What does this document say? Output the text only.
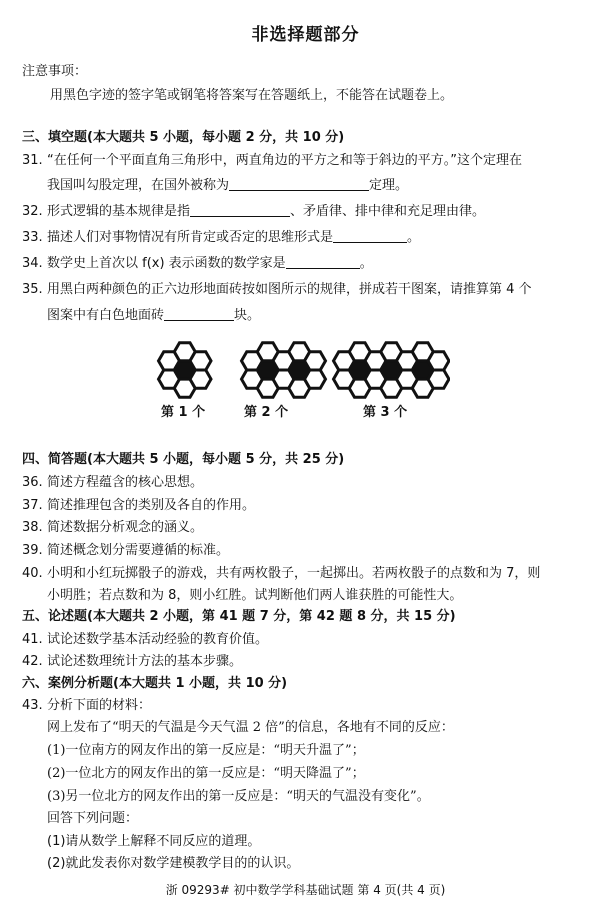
非选择题部分
注意事项：
用黑色字迹的签字笔或钢笔将答案写在答题纸上，不能答在试题卷上。
三、填空题(本大题共 5 小题，每小题 2 分，共 10 分)
31. “在任何一个平面直角三角形中，两直角边的平方之和等于斜边的平方。”这个定理在
我国叫勾股定理，在国外被称为	定理。
32. 形式逻辑的基本规律是指	、矛盾律、排中律和充足理由律。
33. 描述人们对事物情况有所肯定或否定的思维形式是	。
34. 数学史上首次以 f(x) 表示函数的数学家是	。
35. 用黑白两种颜色的正六边形地面砖按如图所示的规律，拼成若干图案，请推算第 4 个
图案中有白色地面砖	块。
第 1 个	第 2 个	第 3 个
四、简答题(本大题共 5 小题，每小题 5 分，共 25 分)
36. 简述方程蕴含的核心思想。
37. 简述推理包含的类别及各自的作用。
38. 简述数据分析观念的涵义。
39. 简述概念划分需要遵循的标准。
40. 小明和小红玩掷骰子的游戏，共有两枚骰子，一起掷出。若两枚骰子的点数和为 7，则
小明胜；若点数和为 8，则小红胜。试判断他们两人谁获胜的可能性大。
五、论述题(本大题共 2 小题，第 41 题 7 分，第 42 题 8 分，共 15 分)
41. 试论述数学基本活动经验的教育价值。
42. 试论述数理统计方法的基本步骤。
六、案例分析题(本大题共 1 小题，共 10 分)
43. 分析下面的材料：
网上发布了“明天的气温是今天气温 2 倍”的信息，各地有不同的反应：
(1)一位南方的网友作出的第一反应是：“明天升温了”；
(2)一位北方的网友作出的第一反应是：“明天降温了”；
(3)另一位北方的网友作出的第一反应是：“明天的气温没有变化”。
回答下列问题：
(1)请从数学上解释不同反应的道理。
(2)就此发表你对数学建模教学目的的认识。
浙 09293# 初中数学学科基础试题 第 4 页(共 4 页)
